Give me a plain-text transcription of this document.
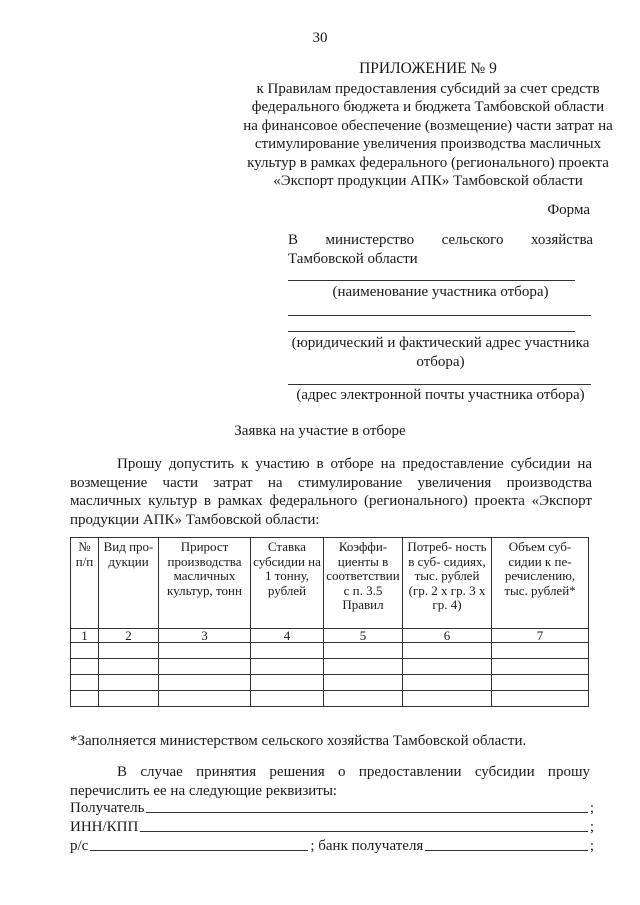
30
ПРИЛОЖЕНИЕ № 9
к Правилам предоставления субсидий за счет средств
федерального бюджета и бюджета Тамбовской области
на финансовое обеспечение (возмещение) части затрат на
стимулирование увеличения производства масличных
культур в рамках федерального (регионального) проекта
«Экспорт продукции АПК» Тамбовской области
Форма
В министерство сельского хозяйства
Тамбовской области
(наименование участника отбора)
(юридический и фактический адрес участника отбора)
(адрес электронной почты участника отбора)
Заявка на участие в отборе
Прошу допустить к участию в отборе на предоставление субсидии на возмещение части затрат на стимулирование увеличения производства масличных культур в рамках федерального (регионального) проекта «Экспорт продукции АПК» Тамбовской области:
№ п/п	Вид про- дукции	Прирост производства масличных культур, тонн	Ставка субсидии на 1 тонну, рублей	Коэффи- циенты в соответствии с п. 3.5 Правил	Потреб- ность в суб- сидиях, тыс. рублей (гр. 2 х гр. 3 х гр. 4)	Объем суб- сидии к пе- речислению, тыс. рублей*
1	2	3	4	5	6	7

*Заполняется министерством сельского хозяйства Тамбовской области.
В случае принятия решения о предоставлении субсидии прошу перечислить ее на следующие реквизиты:
Получатель	;
ИНН/КПП	;
р/с	; банк получателя	;
